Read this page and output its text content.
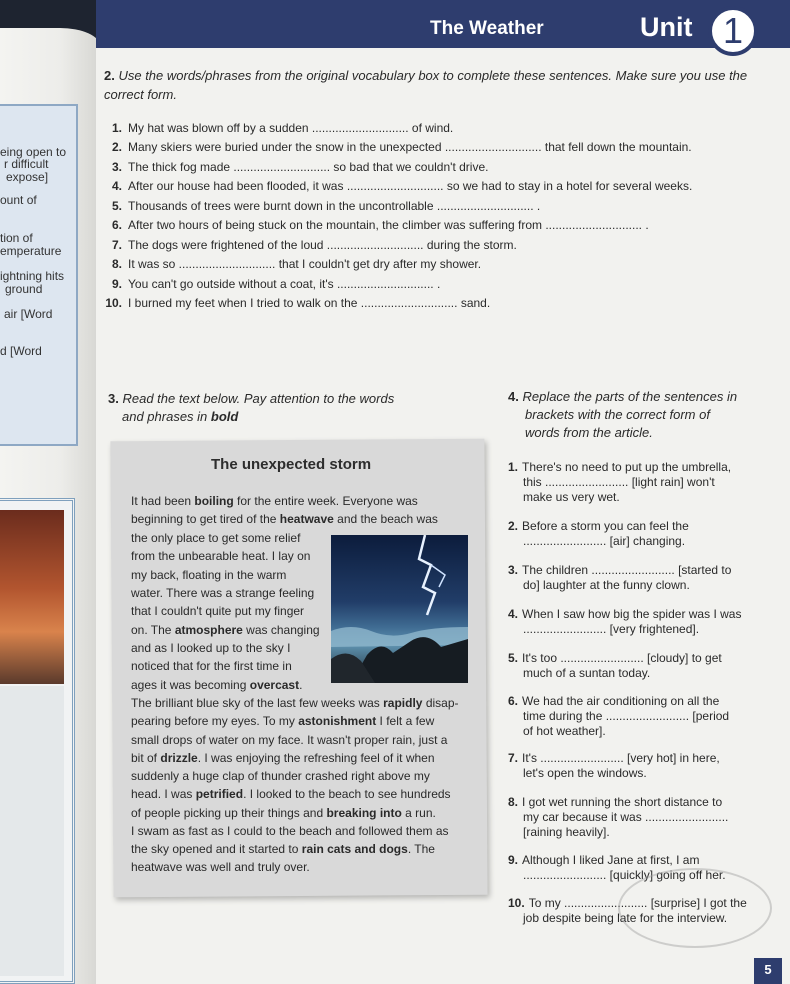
eing open to
r difficult
expose]
ount of
tion of
emperature
ightning hits
ground
air [Word
d [Word
The Weather	Unit 1
2. Use the words/phrases from the original vocabulary box to complete these sentences. Make sure you use the correct form.
1. My hat was blown off by a sudden ............................. of wind.
2. Many skiers were buried under the snow in the unexpected ............................. that fell down the mountain.
3. The thick fog made ............................. so bad that we couldn't drive.
4. After our house had been flooded, it was ............................. so we had to stay in a hotel for several weeks.
5. Thousands of trees were burnt down in the uncontrollable ............................. .
6. After two hours of being stuck on the mountain, the climber was suffering from ............................. .
7. The dogs were frightened of the loud ............................. during the storm.
8. It was so ............................. that I couldn't get dry after my shower.
9. You can't go outside without a coat, it's ............................. .
10. I burned my feet when I tried to walk on the ............................. sand.
3. Read the text below. Pay attention to the words
and phrases in bold
The unexpected storm
It had been boiling for the entire week. Everyone was
beginning to get tired of the heatwave and the beach was
the only place to get some relief
from the unbearable heat. I lay on
my back, floating in the warm
water. There was a strange feeling
that I couldn't quite put my finger
on. The atmosphere was changing
and as I looked up to the sky I
noticed that for the first time in
ages it was becoming overcast.
The brilliant blue sky of the last few weeks was rapidly disap-
pearing before my eyes. To my astonishment I felt a few
small drops of water on my face. It wasn't proper rain, just a
bit of drizzle. I was enjoying the refreshing feel of it when
suddenly a huge clap of thunder crashed right above my
head. I was petrified. I looked to the beach to see hundreds
of people picking up their things and breaking into a run.
I swam as fast as I could to the beach and followed them as
the sky opened and it started to rain cats and dogs. The
heatwave was well and truly over.
4. Replace the parts of the sentences in
brackets with the correct form of
words from the article.
1. There's no need to put up the umbrella,
this ......................... [light rain] won't
make us very wet.
2. Before a storm you can feel the
......................... [air] changing.
3. The children ......................... [started to
do] laughter at the funny clown.
4. When I saw how big the spider was I was
......................... [very frightened].
5. It's too ......................... [cloudy] to get
much of a suntan today.
6. We had the air conditioning on all the
time during the ......................... [period
of hot weather].
7. It's ......................... [very hot] in here,
let's open the windows.
8. I got wet running the short distance to
my car because it was .........................
[raining heavily].
9. Although I liked Jane at first, I am
......................... [quickly] going off her.
10. To my ......................... [surprise] I got the
job despite being late for the interview.
5
